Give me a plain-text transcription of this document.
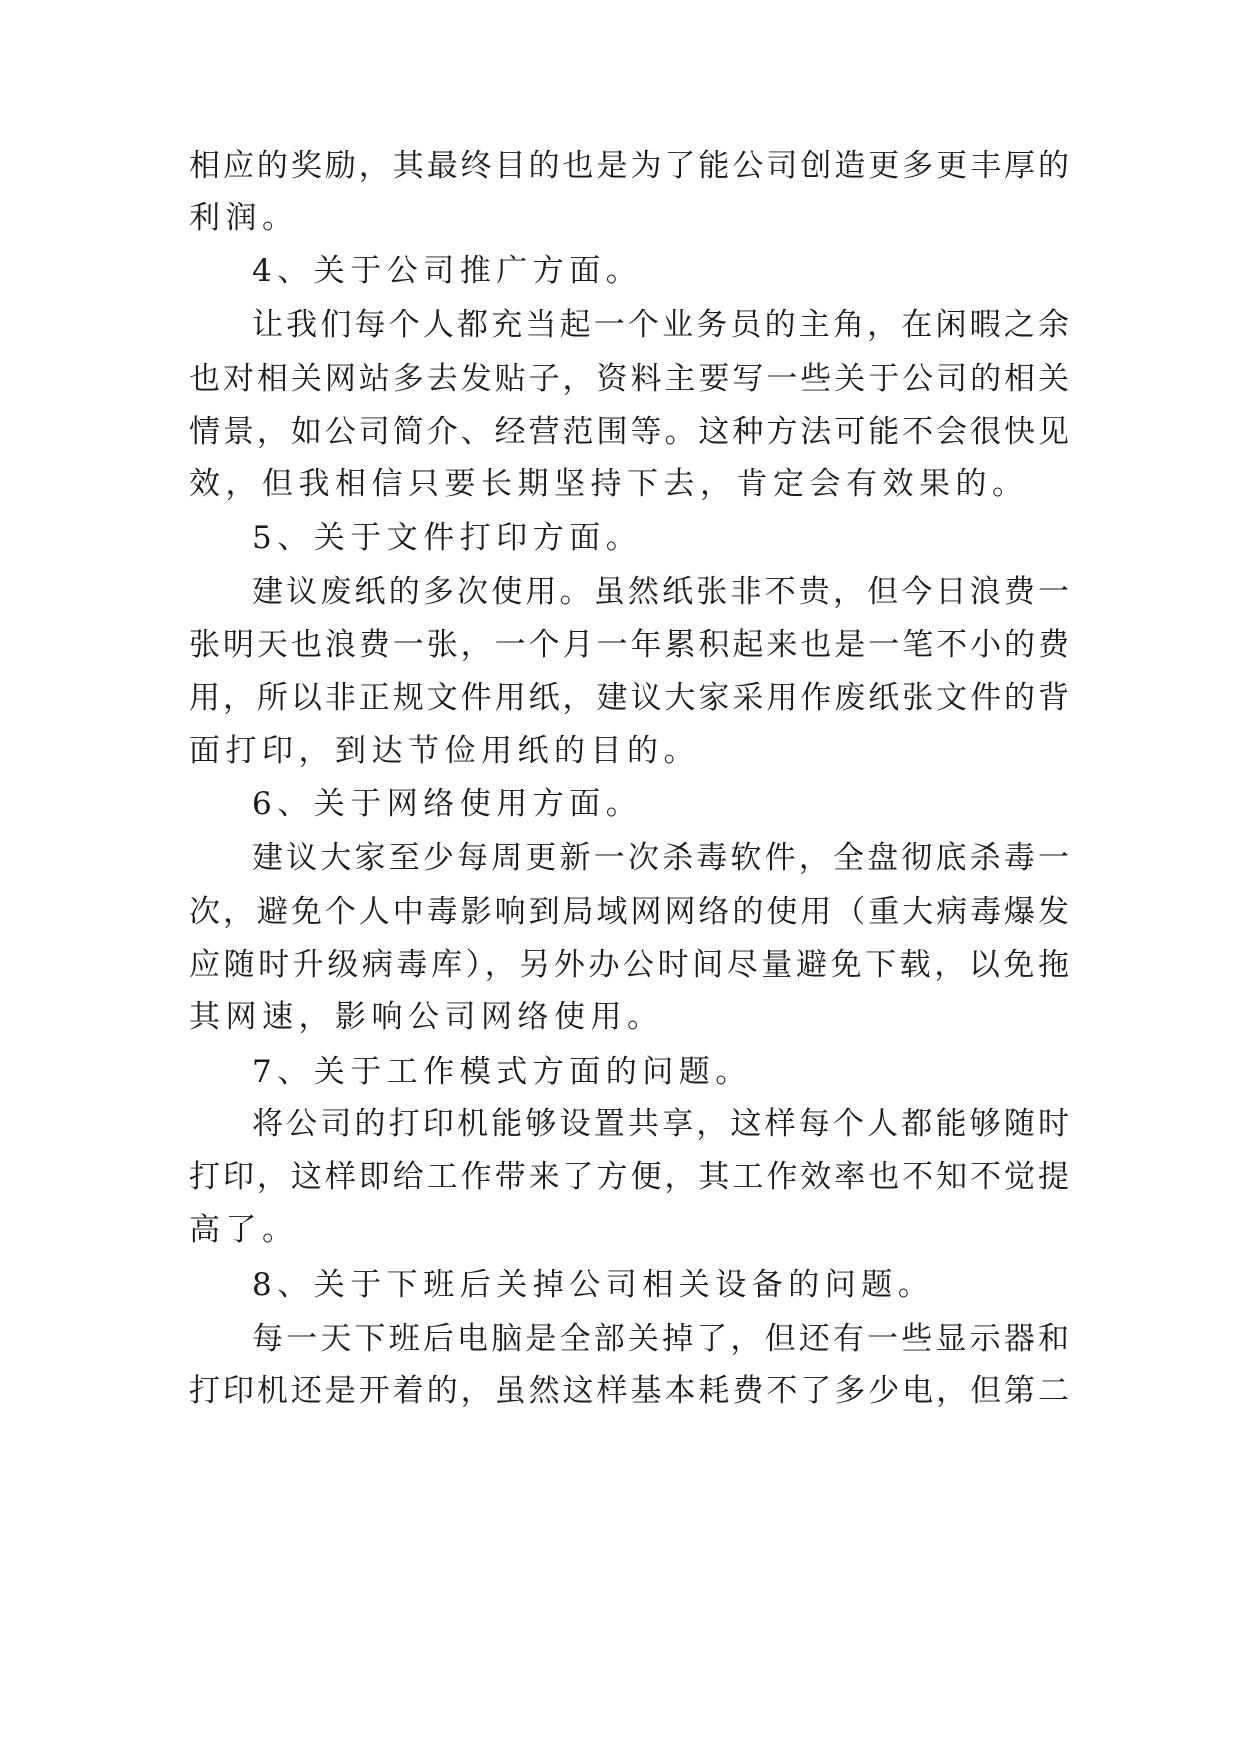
相应的奖励，其最终目的也是为了能公司创造更多更丰厚的
利润。
4、关于公司推广方面。
让我们每个人都充当起一个业务员的主角，在闲暇之余
也对相关网站多去发贴子，资料主要写一些关于公司的相关
情景，如公司简介、经营范围等。这种方法可能不会很快见
效，但我相信只要长期坚持下去，肯定会有效果的。
5、关于文件打印方面。
建议废纸的多次使用。虽然纸张非不贵，但今日浪费一
张明天也浪费一张，一个月一年累积起来也是一笔不小的费
用，所以非正规文件用纸，建议大家采用作废纸张文件的背
面打印，到达节俭用纸的目的。
6、关于网络使用方面。
建议大家至少每周更新一次杀毒软件，全盘彻底杀毒一
次，避免个人中毒影响到局域网网络的使用（重大病毒爆发
应随时升级病毒库），另外办公时间尽量避免下载，以免拖
其网速，影响公司网络使用。
7、关于工作模式方面的问题。
将公司的打印机能够设置共享，这样每个人都能够随时
打印，这样即给工作带来了方便，其工作效率也不知不觉提
高了。
8、关于下班后关掉公司相关设备的问题。
每一天下班后电脑是全部关掉了，但还有一些显示器和
打印机还是开着的，虽然这样基本耗费不了多少电，但第二
